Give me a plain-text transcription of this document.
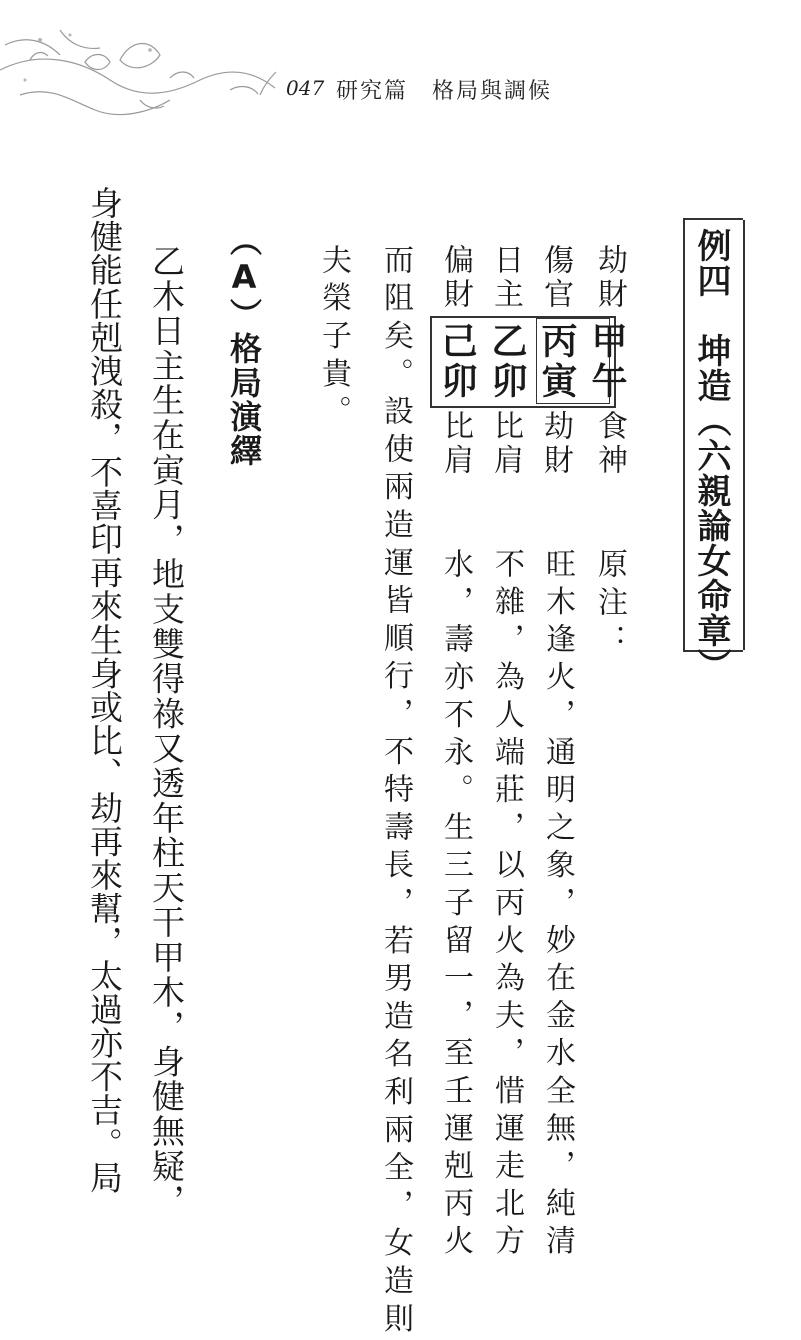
047 研究篇　格局與調候
例四　坤造（六親論女命章）
劫財
傷官
日主
偏財
甲午
丙寅
乙卯
己卯
食神
劫財
比肩
比肩
原注：
旺木逢火，通明之象，妙在金水全無，純清
不雜，為人端莊，以丙火為夫，惜運走北方
水，壽亦不永。生三子留一，至壬運剋丙火
而阻矣。設使兩造運皆順行，不特壽長，若男造名利兩全，女造則
夫榮子貴。
（A）格局演繹
乙木日主生在寅月，地支雙得祿又透年柱天干甲木，身健無疑，
身健能任剋洩殺，不喜印再來生身或比、劫再來幫，太過亦不吉。局
